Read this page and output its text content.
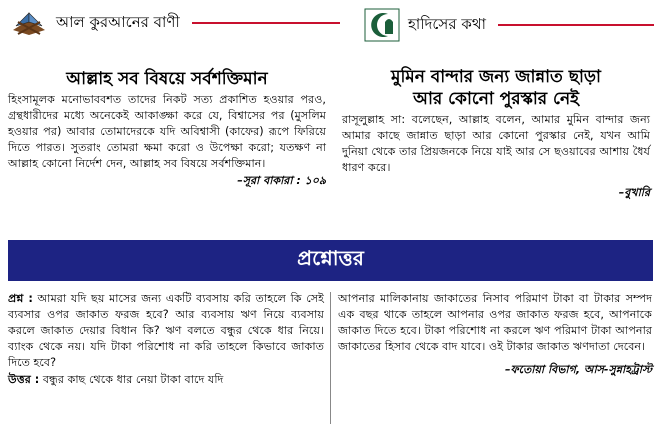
আল কুরআনের বাণী	হাদিসের কথা
আল্লাহ সব বিষয়ে সর্বশক্তিমান

হিংসামূলক মনোভাববশত তাদের নিকট সত্য প্রকাশিত হওয়ার পরও, গ্রন্থধারীদের মধ্যে অনেকেই আকাঙ্ক্ষা করে যে, বিশ্বাসের পর (মুসলিম হওয়ার পর) আবার তোমাদেরকে যদি অবিশ্বাসী (কাফের) রূপে ফিরিয়ে দিতে পারত। সুতরাং তোমরা ক্ষমা করো ও উপেক্ষা করো; যতক্ষণ না আল্লাহ কোনো নির্দেশ দেন, আল্লাহ সব বিষয়ে সর্বশক্তিমান।

–সূরা বাকারা : ১০৯

মুমিন বান্দার জন্য জান্নাত ছাড়া
আর কোনো পুরস্কার নেই

রাসূলুল্লাহ সা: বলেছেন, আল্লাহ বলেন, আমার মুমিন বান্দার জন্য আমার কাছে জান্নাত ছাড়া আর কোনো পুরস্কার নেই, যখন আমি দুনিয়া থেকে তার প্রিয়জনকে নিয়ে যাই আর সে ছওয়াবের আশায় ধৈর্য ধারণ করে।

–বুখারি

প্রশ্নোত্তর

প্রশ্ন : আমরা যদি ছয় মাসের জন্য একটি ব্যবসায় করি তাহলে কি সেই ব্যবসার ওপর জাকাত ফরজ হবে? আর ব্যবসায় ঋণ নিয়ে ব্যবসায় করলে জাকাত দেয়ার বিধান কি? ঋণ বলতে বন্ধুর থেকে ধার নিয়ে। ব্যাংক থেকে নয়। যদি টাকা পরিশোধ না করি তাহলে কিভাবে জাকাত দিতে হবে?

উত্তর : বন্ধুর কাছ থেকে ধার নেয়া টাকা বাদে যদি

আপনার মালিকানায় জাকাতের নিসাব পরিমাণ টাকা বা টাকার সম্পদ এক বছর থাকে তাহলে আপনার ওপর জাকাত ফরজ হবে, আপনাকে জাকাত দিতে হবে। টাকা পরিশোধ না করলে ঋণ পরিমাণ টাকা আপনার জাকাতের হিসাব থেকে বাদ যাবে। ওই টাকার জাকাত ঋণদাতা দেবেন।

–ফতোয়া বিভাগ, আস-সুন্নাহট্রাস্ট
